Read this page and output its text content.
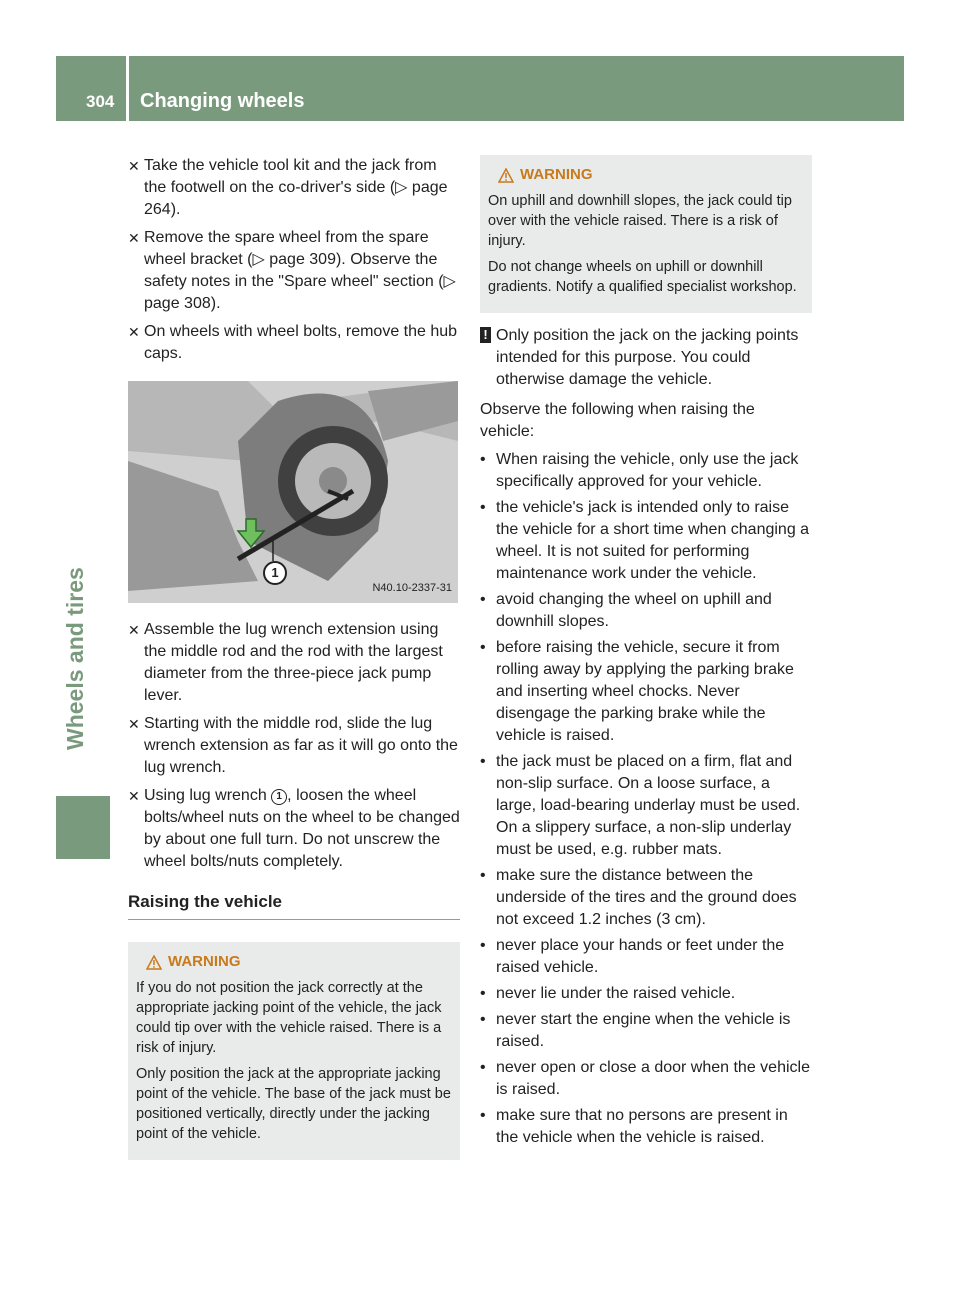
304 Changing wheels
Wheels and tires
✕ Take the vehicle tool kit and the jack from the footwell on the co-driver's side (▷ page 264).
✕ Remove the spare wheel from the spare wheel bracket (▷ page 309). Observe the safety notes in the "Spare wheel" section (▷ page 308).
✕ On wheels with wheel bolts, remove the hub caps.
1
N40.10-2337-31
✕ Assemble the lug wrench extension using the middle rod and the rod with the largest diameter from the three-piece jack pump lever.
✕ Starting with the middle rod, slide the lug wrench extension as far as it will go onto the lug wrench.
✕ Using lug wrench 1 , loosen the wheel bolts/wheel nuts on the wheel to be changed by about one full turn. Do not unscrew the wheel bolts/nuts completely.
Raising the vehicle
WARNING

If you do not position the jack correctly at the appropriate jacking point of the vehicle, the jack could tip over with the vehicle raised. There is a risk of injury.

Only position the jack at the appropriate jacking point of the vehicle. The base of the jack must be positioned vertically, directly under the jacking point of the vehicle.

WARNING

On uphill and downhill slopes, the jack could tip over with the vehicle raised. There is a risk of injury.

Do not change wheels on uphill or downhill gradients. Notify a qualified specialist workshop.

! Only position the jack on the jacking points intended for this purpose. You could otherwise damage the vehicle.

Observe the following when raising the vehicle:

• When raising the vehicle, only use the jack specifically approved for your vehicle.
• the vehicle's jack is intended only to raise the vehicle for a short time when changing a wheel. It is not suited for performing maintenance work under the vehicle.
• avoid changing the wheel on uphill and downhill slopes.
• before raising the vehicle, secure it from rolling away by applying the parking brake and inserting wheel chocks. Never disengage the parking brake while the vehicle is raised.
• the jack must be placed on a firm, flat and non-slip surface. On a loose surface, a large, load-bearing underlay must be used. On a slippery surface, a non-slip underlay must be used, e.g. rubber mats.
• make sure the distance between the underside of the tires and the ground does not exceed 1.2 inches (3 cm).
• never place your hands or feet under the raised vehicle.
• never lie under the raised vehicle.
• never start the engine when the vehicle is raised.
• never open or close a door when the vehicle is raised.
• make sure that no persons are present in the vehicle when the vehicle is raised.
